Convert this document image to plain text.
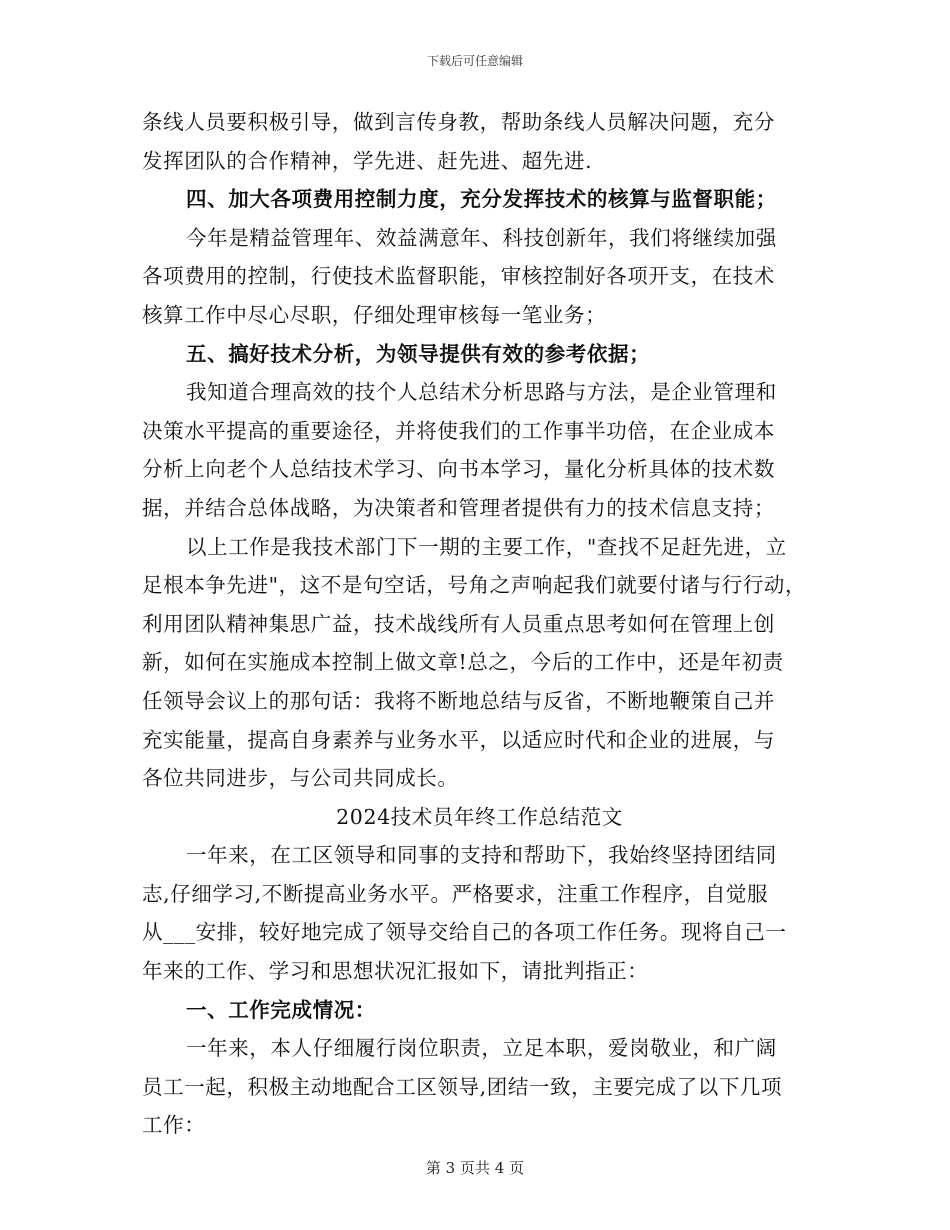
下载后可任意编辑
条线人员要积极引导，做到言传身教，帮助条线人员解决问题，充分
发挥团队的合作精神，学先进、赶先进、超先进.
四、加大各项费用控制力度，充分发挥技术的核算与监督职能；
今年是精益管理年、效益满意年、科技创新年，我们将继续加强
各项费用的控制，行使技术监督职能，审核控制好各项开支，在技术
核算工作中尽心尽职，仔细处理审核每一笔业务；
五、搞好技术分析，为领导提供有效的参考依据；
我知道合理高效的技个人总结术分析思路与方法，是企业管理和
决策水平提高的重要途径，并将使我们的工作事半功倍，在企业成本
分析上向老个人总结技术学习、向书本学习，量化分析具体的技术数
据，并结合总体战略，为决策者和管理者提供有力的技术信息支持；
以上工作是我技术部门下一期的主要工作，"查找不足赶先进，立
足根本争先进"，这不是句空话，号角之声响起我们就要付诸与行行动，
利用团队精神集思广益，技术战线所有人员重点思考如何在管理上创
新，如何在实施成本控制上做文章!总之，今后的工作中，还是年初责
任领导会议上的那句话：我将不断地总结与反省，不断地鞭策自己并
充实能量，提高自身素养与业务水平，以适应时代和企业的进展，与
各位共同进步，与公司共同成长。
2024技术员年终工作总结范文
一年来，在工区领导和同事的支持和帮助下，我始终坚持团结同
志,仔细学习,不断提高业务水平。严格要求，注重工作程序，自觉服
从___安排，较好地完成了领导交给自己的各项工作任务。现将自己一
年来的工作、学习和思想状况汇报如下，请批判指正：
一、工作完成情况：
一年来，本人仔细履行岗位职责，立足本职，爱岗敬业，和广阔
员工一起，积极主动地配合工区领导,团结一致，主要完成了以下几项
工作：
第 3 页共 4 页
